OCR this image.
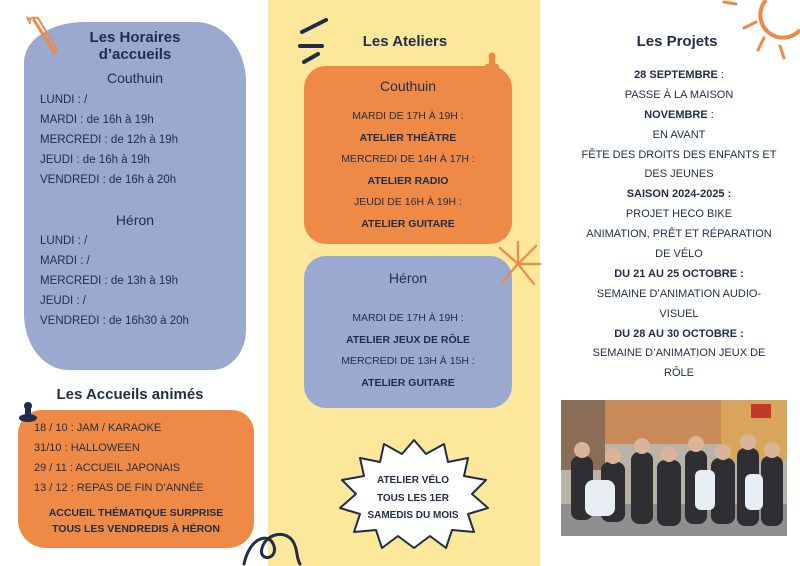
Les Horaires
d’accueils
Couthuin
LUNDI : /
MARDI : de 16h à 19h
MERCREDI : de 12h à 19h
JEUDI : de 16h à 19h
VENDREDI : de 16h à 20h
Héron
LUNDI : /
MARDI : /
MERCREDI : de 13h à 19h
JEUDI : /
VENDREDI : de 16h30 à 20h
Les Accueils animés
18 / 10 : JAM / KARAOKE
31/10 : HALLOWEEN
29 / 11 : ACCUEIL JAPONAIS
13 / 12 : REPAS DE FIN D’ANNÉE
ACCUEIL THÉMATIQUE SURPRISE
TOUS LES VENDREDIS À HÉRON
Les Ateliers
Couthuin
MARDI DE 17H À 19H :
ATELIER THÉÂTRE
MERCREDI DE 14H À 17H :
ATELIER RADIO
JEUDI DE 16H À 19H :
ATELIER GUITARE
Héron
MARDI DE 17H À 19H :
ATELIER JEUX DE RÔLE
MERCREDI DE 13H À 15H :
ATELIER GUITARE
ATELIER VÉLO
TOUS LES 1ER
SAMEDIS DU MOIS
Les Projets
28 SEPTEMBRE :
PASSE À LA MAISON
NOVEMBRE :
EN AVANT
FÊTE DES DROITS DES ENFANTS ET
DES JEUNES
SAISON 2024-2025 :
PROJET HECO BIKE
ANIMATION, PRÊT ET RÉPARATION
DE VÉLO
DU 21 AU 25 OCTOBRE :
SEMAINE D’ANIMATION AUDIO-
VISUEL
DU 28 AU 30 OCTOBRE :
SEMAINE D’ANIMATION JEUX DE
RÔLE
